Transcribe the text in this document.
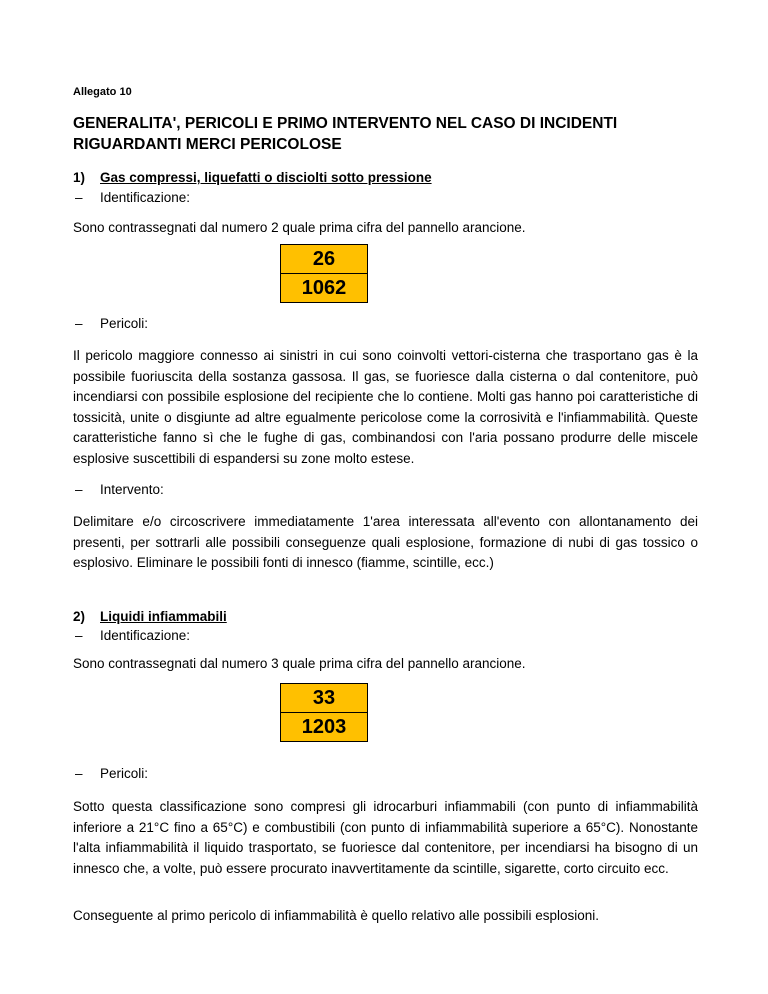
Allegato 10
GENERALITA', PERICOLI E PRIMO INTERVENTO NEL CASO DI INCIDENTI RIGUARDANTI MERCI PERICOLOSE
1) Gas compressi, liquefatti o disciolti sotto pressione
– Identificazione:
Sono contrassegnati dal numero 2 quale prima cifra del pannello arancione.
26
1062
– Pericoli:
Il pericolo maggiore connesso ai sinistri in cui sono coinvolti vettori-cisterna che trasportano gas è la possibile fuoriuscita della sostanza gassosa. Il gas, se fuoriesce dalla cisterna o dal contenitore, può incendiarsi con possibile esplosione del recipiente che lo contiene. Molti gas hanno poi caratteristiche di tossicità, unite o disgiunte ad altre egualmente pericolose come la corrosività e l'infiammabilità. Queste caratteristiche fanno sì che le fughe di gas, combinandosi con l'aria possano produrre delle miscele esplosive suscettibili di espandersi su zone molto estese.
– Intervento:
Delimitare e/o circoscrivere immediatamente 1'area interessata all'evento con allontanamento dei presenti, per sottrarli alle possibili conseguenze quali esplosione, formazione di nubi di gas tossico o esplosivo. Eliminare le possibili fonti di innesco (fiamme, scintille, ecc.)
2) Liquidi infiammabili
– Identificazione:
Sono contrassegnati dal numero 3 quale prima cifra del pannello arancione.
33
1203
– Pericoli:
Sotto questa classificazione sono compresi gli idrocarburi infiammabili (con punto di infiammabilità inferiore a 21°C fino a 65°C) e combustibili (con punto di infiammabilità superiore a 65°C). Nonostante l'alta infiammabilità il liquido trasportato, se fuoriesce dal contenitore, per incendiarsi ha bisogno di un innesco che, a volte, può essere procurato inavvertitamente da scintille, sigarette, corto circuito ecc.
Conseguente al primo pericolo di infiammabilità è quello relativo alle possibili esplosioni.
